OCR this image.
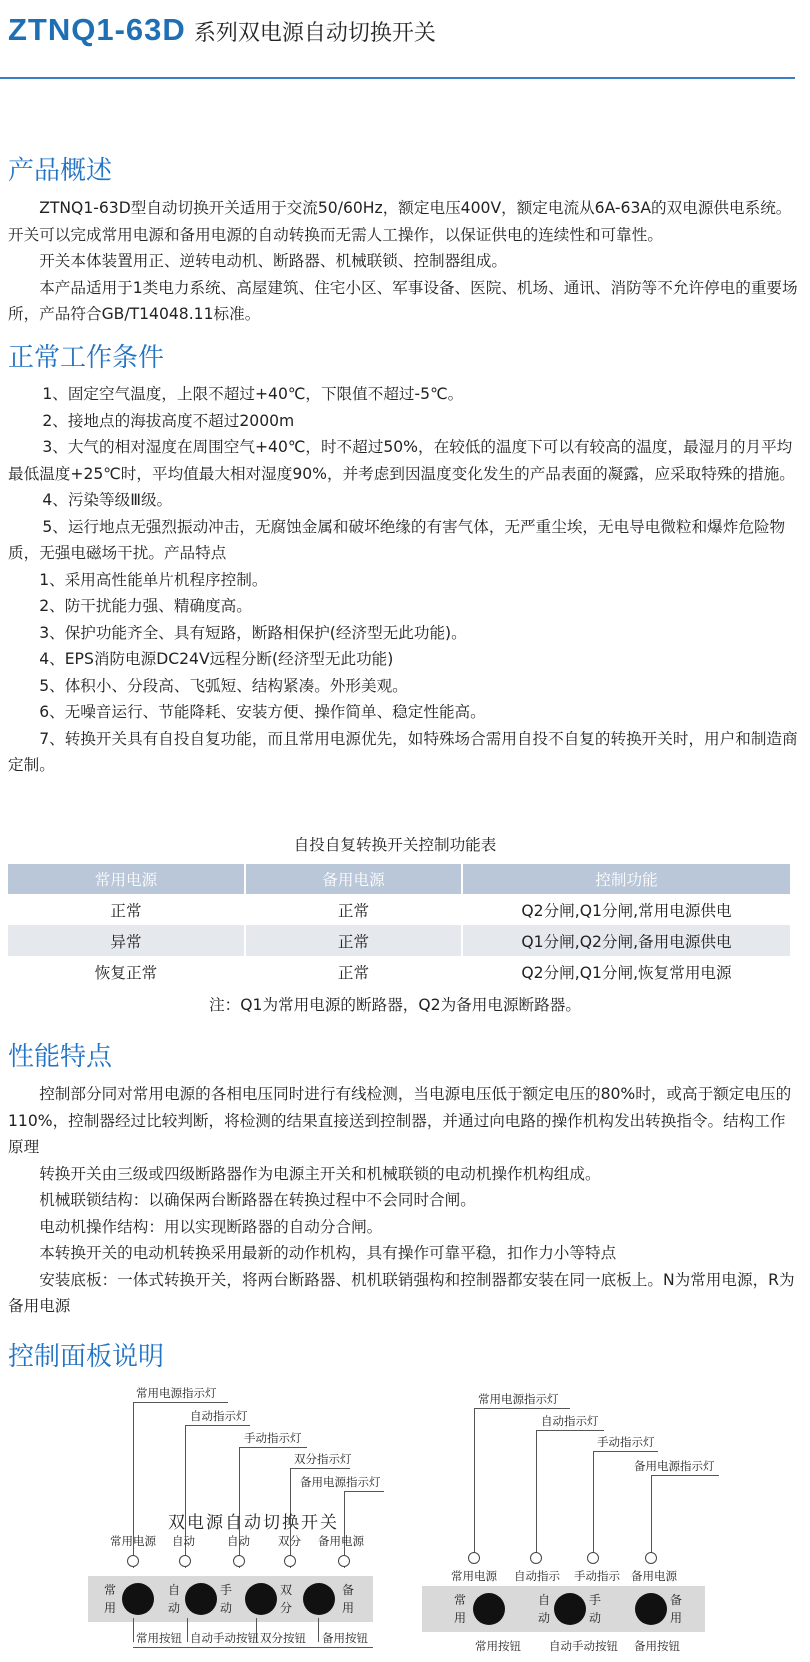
ZTNQ1-63D 系列双电源自动切换开关
产品概述

ZTNQ1-63D型自动切换开关适用于交流50/60Hz，额定电压400V，额定电流从6A-63A的双电源供电系统。开关可以完成常用电源和备用电源的自动转换而无需人工操作，以保证供电的连续性和可靠性。

开关本体装置用正、逆转电动机、断路器、机械联锁、控制器组成。

本产品适用于1类电力系统、高屋建筑、住宅小区、军事设备、医院、机场、通讯、消防等不允许停电的重要场所，产品符合GB/T14048.11标准。

正常工作条件

1、固定空气温度，上限不超过+40℃，下限值不超过-5℃。

2、接地点的海拔高度不超过2000m

3、大气的相对湿度在周围空气+40℃，时不超过50%，在较低的温度下可以有较高的温度，最湿月的月平均最低温度+25℃时，平均值最大相对湿度90%，并考虑到因温度变化发生的产品表面的凝露，应采取特殊的措施。

4、污染等级Ⅲ级。

5、运行地点无强烈振动冲击，无腐蚀金属和破坏绝缘的有害气体，无严重尘埃，无电导电微粒和爆炸危险物质，无强电磁场干扰。产品特点

1、采用高性能单片机程序控制。

2、防干扰能力强、精确度高。

3、保护功能齐全、具有短路，断路相保护(经济型无此功能)。

4、EPS消防电源DC24V远程分断(经济型无此功能)

5、体积小、分段高、飞弧短、结构紧凑。外形美观。

6、无噪音运行、节能降耗、安装方便、操作简单、稳定性能高。

7、转换开关具有自投自复功能，而且常用电源优先，如特殊场合需用自投不自复的转换开关时，用户和制造商定制。

自投自复转换开关控制功能表
常用电源	备用电源	控制功能
正常	正常	Q2分闸,Q1分闸,常用电源供电
异常	正常	Q1分闸,Q2分闸,备用电源供电
恢复正常	正常	Q2分闸,Q1分闸,恢复常用电源
注：Q1为常用电源的断路器，Q2为备用电源断路器。
性能特点

控制部分同对常用电源的各相电压同时进行有线检测，当电源电压低于额定电压的80%时，或高于额定电压的110%，控制器经过比较判断，将检测的结果直接送到控制器，并通过向电路的操作机构发出转换指令。结构工作原理

转换开关由三级或四级断路器作为电源主开关和机械联锁的电动机操作机构组成。

机械联锁结构：以确保两台断路器在转换过程中不会同时合闸。

电动机操作结构：用以实现断路器的自动分合闸。

本转换开关的电动机转换采用最新的动作机构，具有操作可靠平稳，扣作力小等特点

安装底板：一体式转换开关，将两台断路器、机机联销强构和控制器都安装在同一底板上。N为常用电源，R为备用电源

控制面板说明
常用电源指示灯
自动指示灯
手动指示灯
双分指示灯
备用电源指示灯
双电源自动切换开关
常用电源 自动	自动 双分 备用电源
常
用
自
动
手
动
双
分
备
用
常用按钮 自动手动按钮 双分按钮 备用按钮
常用电源指示灯
自动指示灯
手动指示灯
备用电源指示灯
常用电源 自动指示 手动指示 备用电源
常
用
自
动
手
动
备
用
常用按钮 自动手动按钮 备用按钮
